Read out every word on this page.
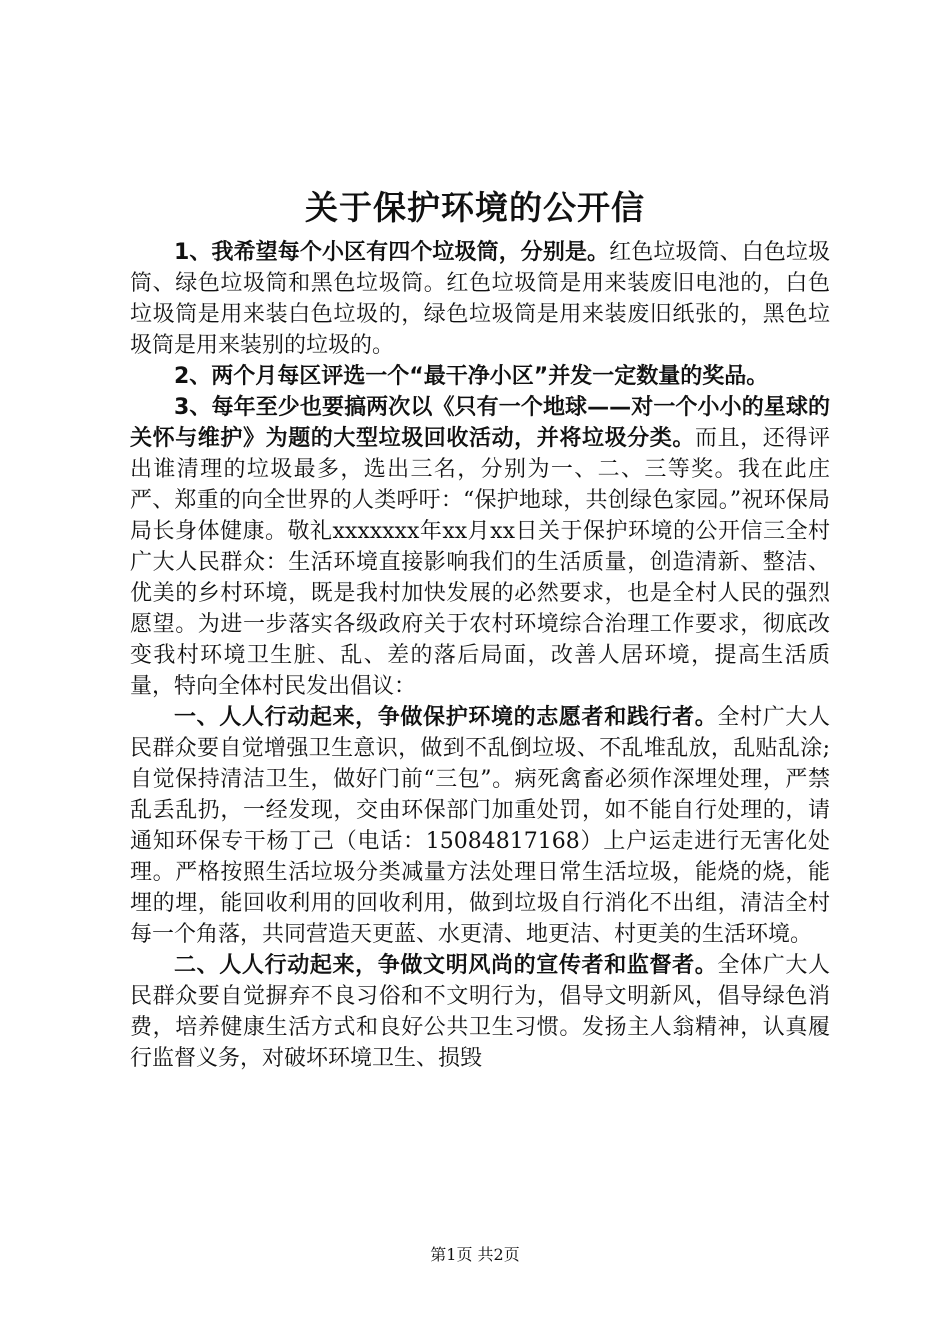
关于保护环境的公开信

1、我希望每个小区有四个垃圾筒，分别是。红色垃圾筒、白色垃圾筒、绿色垃圾筒和黑色垃圾筒。红色垃圾筒是用来装废旧电池的，白色垃圾筒是用来装白色垃圾的，绿色垃圾筒是用来装废旧纸张的，黑色垃圾筒是用来装别的垃圾的。

2、两个月每区评选一个“最干净小区”并发一定数量的奖品。

3、每年至少也要搞两次以《只有一个地球——对一个小小的星球的关怀与维护》为题的大型垃圾回收活动，并将垃圾分类。而且，还得评出谁清理的垃圾最多，选出三名，分别为一、二、三等奖。我在此庄严、郑重的向全世界的人类呼吁：“保护地球，共创绿色家园。”祝环保局局长身体健康。敬礼xxxxxxx年xx月xx日关于保护环境的公开信三全村广大人民群众：生活环境直接影响我们的生活质量，创造清新、整洁、优美的乡村环境，既是我村加快发展的必然要求，也是全村人民的强烈愿望。为进一步落实各级政府关于农村环境综合治理工作要求，彻底改变我村环境卫生脏、乱、差的落后局面，改善人居环境，提高生活质量，特向全体村民发出倡议：

一、人人行动起来，争做保护环境的志愿者和践行者。全村广大人民群众要自觉增强卫生意识，做到不乱倒垃圾、不乱堆乱放，乱贴乱涂;自觉保持清洁卫生，做好门前“三包”。病死禽畜必须作深埋处理，严禁乱丢乱扔，一经发现，交由环保部门加重处罚，如不能自行处理的，请通知环保专干杨丁己（电话：15084817168）上户运走进行无害化处理。严格按照生活垃圾分类减量方法处理日常生活垃圾，能烧的烧，能埋的埋，能回收利用的回收利用，做到垃圾自行消化不出组，清洁全村每一个角落，共同营造天更蓝、水更清、地更洁、村更美的生活环境。

二、人人行动起来，争做文明风尚的宣传者和监督者。全体广大人民群众要自觉摒弃不良习俗和不文明行为，倡导文明新风，倡导绿色消费，培养健康生活方式和良好公共卫生习惯。发扬主人翁精神，认真履行监督义务，对破坏环境卫生、损毁

第1页 共2页
